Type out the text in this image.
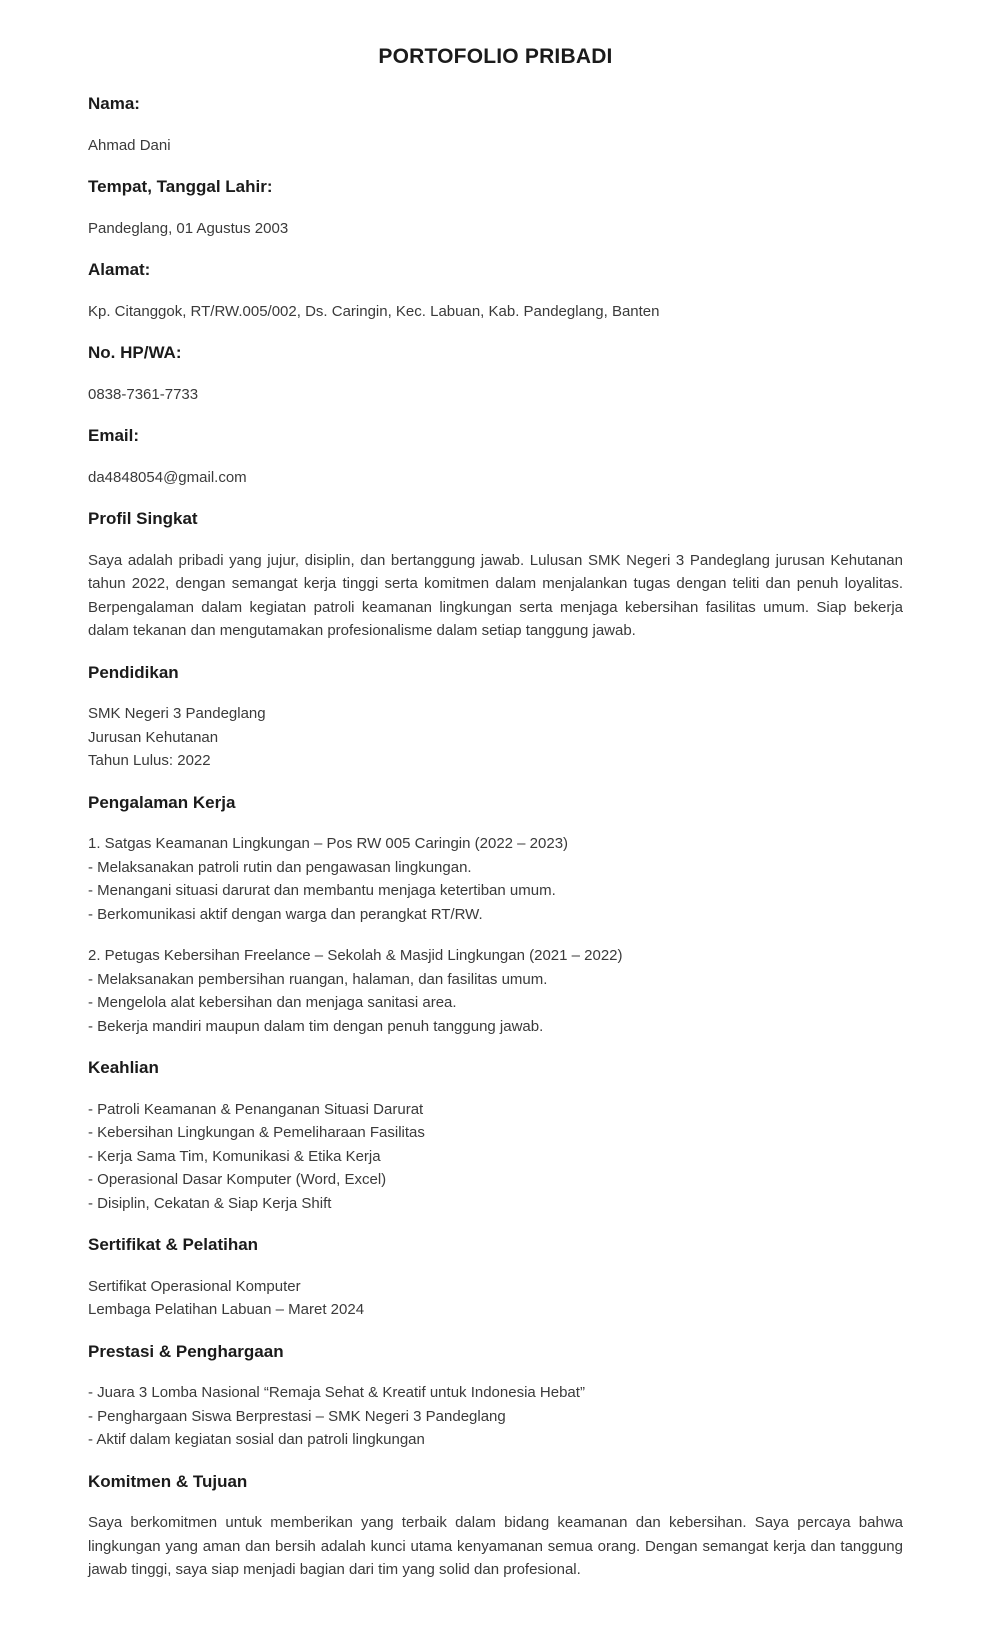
PORTOFOLIO PRIBADI
Nama:

Ahmad Dani

Tempat, Tanggal Lahir:

Pandeglang, 01 Agustus 2003

Alamat:

Kp. Citanggok, RT/RW.005/002, Ds. Caringin, Kec. Labuan, Kab. Pandeglang, Banten

No. HP/WA:

0838-7361-7733

Email:

da4848054@gmail.com

Profil Singkat

Saya adalah pribadi yang jujur, disiplin, dan bertanggung jawab. Lulusan SMK Negeri 3 Pandeglang jurusan Kehutanan tahun 2022, dengan semangat kerja tinggi serta komitmen dalam menjalankan tugas dengan teliti dan penuh loyalitas. Berpengalaman dalam kegiatan patroli keamanan lingkungan serta menjaga kebersihan fasilitas umum. Siap bekerja dalam tekanan dan mengutamakan profesionalisme dalam setiap tanggung jawab.

Pendidikan
SMK Negeri 3 Pandeglang
Jurusan Kehutanan
Tahun Lulus: 2022
Pengalaman Kerja
1. Satgas Keamanan Lingkungan – Pos RW 005 Caringin (2022 – 2023)
- Melaksanakan patroli rutin dan pengawasan lingkungan.
- Menangani situasi darurat dan membantu menjaga ketertiban umum.
- Berkomunikasi aktif dengan warga dan perangkat RT/RW.
2. Petugas Kebersihan Freelance – Sekolah & Masjid Lingkungan (2021 – 2022)
- Melaksanakan pembersihan ruangan, halaman, dan fasilitas umum.
- Mengelola alat kebersihan dan menjaga sanitasi area.
- Bekerja mandiri maupun dalam tim dengan penuh tanggung jawab.
Keahlian
- Patroli Keamanan & Penanganan Situasi Darurat
- Kebersihan Lingkungan & Pemeliharaan Fasilitas
- Kerja Sama Tim, Komunikasi & Etika Kerja
- Operasional Dasar Komputer (Word, Excel)
- Disiplin, Cekatan & Siap Kerja Shift
Sertifikat & Pelatihan
Sertifikat Operasional Komputer
Lembaga Pelatihan Labuan – Maret 2024
Prestasi & Penghargaan
- Juara 3 Lomba Nasional “Remaja Sehat & Kreatif untuk Indonesia Hebat”
- Penghargaan Siswa Berprestasi – SMK Negeri 3 Pandeglang
- Aktif dalam kegiatan sosial dan patroli lingkungan
Komitmen & Tujuan

Saya berkomitmen untuk memberikan yang terbaik dalam bidang keamanan dan kebersihan. Saya percaya bahwa lingkungan yang aman dan bersih adalah kunci utama kenyamanan semua orang. Dengan semangat kerja dan tanggung jawab tinggi, saya siap menjadi bagian dari tim yang solid dan profesional.
